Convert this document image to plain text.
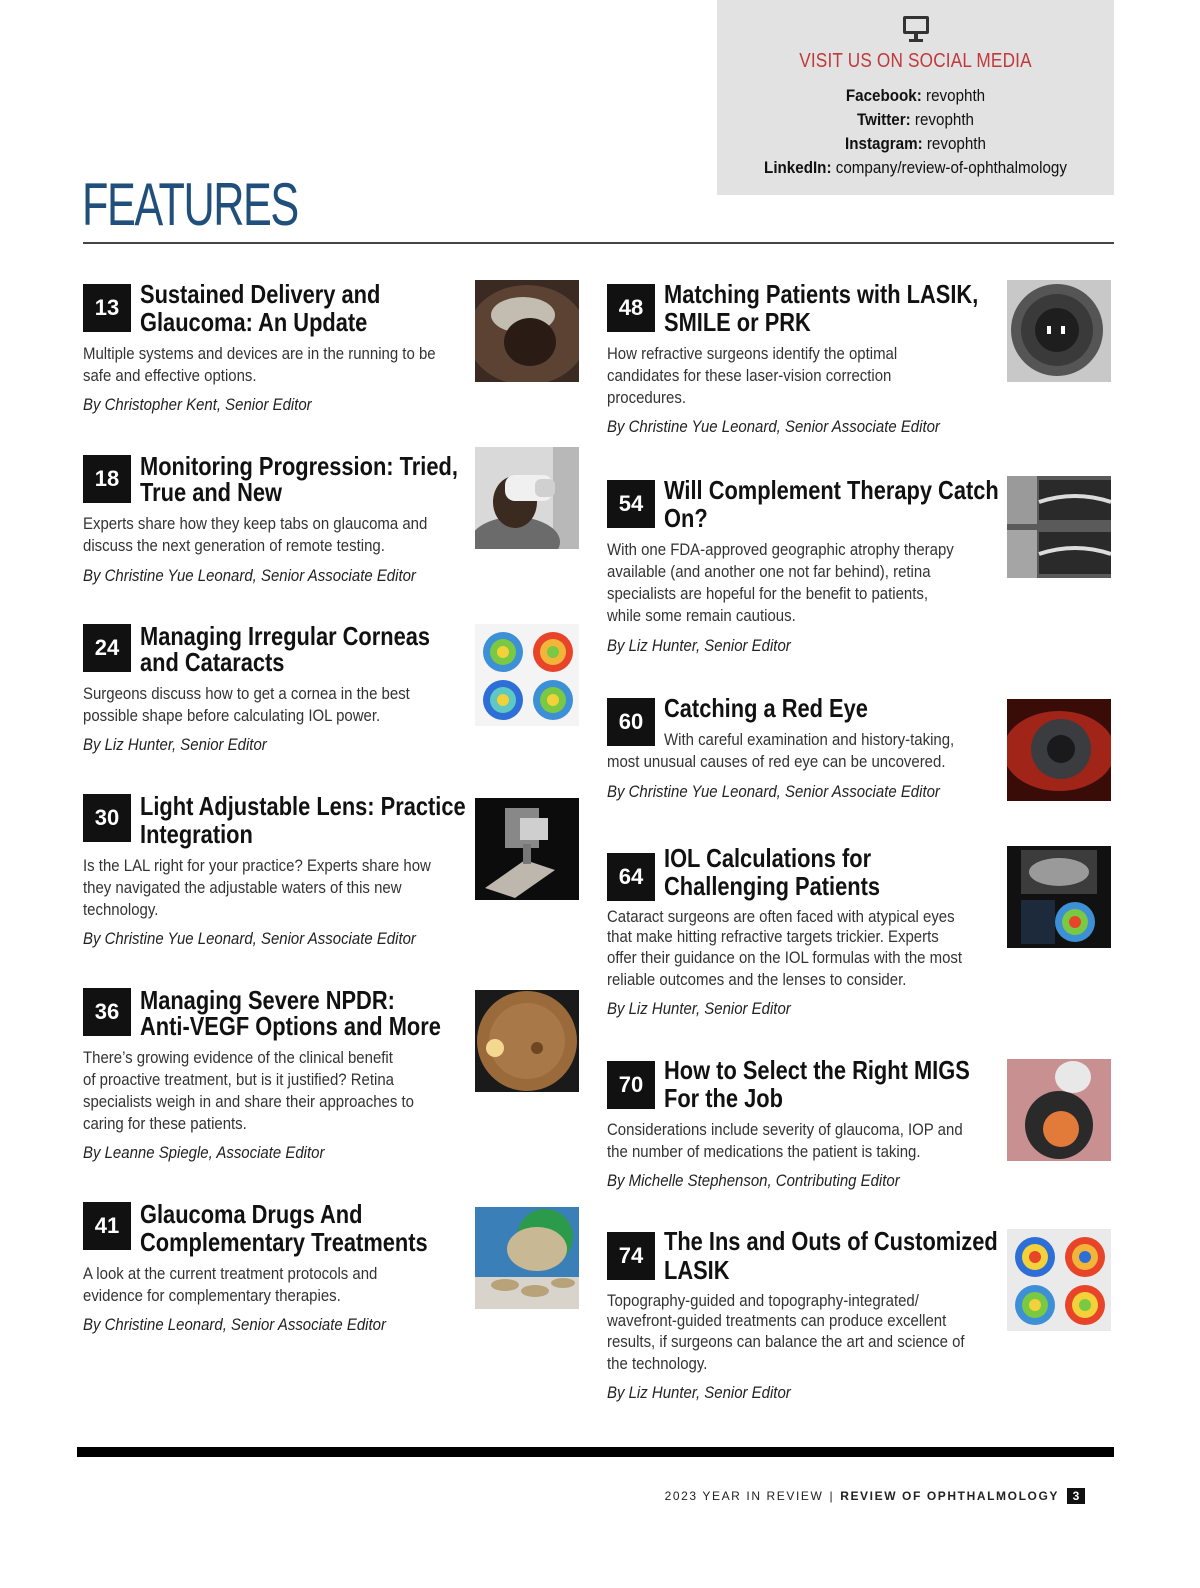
VISIT US ON SOCIAL MEDIA
Facebook: revophth
Twitter: revophth
Instagram: revophth
LinkedIn: company/review-of-ophthalmology
FEATURES
13 Sustained Delivery and
Glaucoma: An Update
Multiple systems and devices are in the running to be
safe and effective options.
By Christopher Kent, Senior Editor
18 Monitoring Progression: Tried,
True and New
Experts share how they keep tabs on glaucoma and
discuss the next generation of remote testing.
By Christine Yue Leonard, Senior Associate Editor
24 Managing Irregular Corneas
and Cataracts
Surgeons discuss how to get a cornea in the best
possible shape before calculating IOL power.
By Liz Hunter, Senior Editor
30 Light Adjustable Lens: Practice
Integration
Is the LAL right for your practice? Experts share how
they navigated the adjustable waters of this new
technology.
By Christine Yue Leonard, Senior Associate Editor
36 Managing Severe NPDR:
Anti-VEGF Options and More
There’s growing evidence of the clinical benefit
of proactive treatment, but is it justified? Retina
specialists weigh in and share their approaches to
caring for these patients.
By Leanne Spiegle, Associate Editor
41 Glaucoma Drugs And
Complementary Treatments
A look at the current treatment protocols and
evidence for complementary therapies.
By Christine Leonard, Senior Associate Editor
48 Matching Patients with LASIK,
SMILE or PRK
How refractive surgeons identify the optimal
candidates for these laser-vision correction
procedures.
By Christine Yue Leonard, Senior Associate Editor
54 Will Complement Therapy Catch
On?
With one FDA-approved geographic atrophy therapy
available (and another one not far behind), retina
specialists are hopeful for the benefit to patients,
while some remain cautious.
By Liz Hunter, Senior Editor
60 Catching a Red Eye
With careful examination and history-taking,
most unusual causes of red eye can be uncovered.
By Christine Yue Leonard, Senior Associate Editor
64
IOL Calculations for
Challenging Patients
Cataract surgeons are often faced with atypical eyes
that make hitting refractive targets trickier. Experts
offer their guidance on the IOL formulas with the most
reliable outcomes and the lenses to consider.
By Liz Hunter, Senior Editor
70 How to Select the Right MIGS
For the Job
Considerations include severity of glaucoma, IOP and
the number of medications the patient is taking.
By Michelle Stephenson, Contributing Editor
74 The Ins and Outs of Customized
LASIK
Topography-guided and topography-integrated/
wavefront-guided treatments can produce excellent
results, if surgeons can balance the art and science of
the technology.
By Liz Hunter, Senior Editor
2023 YEAR IN REVIEW | REVIEW OF OPHTHALMOLOGY	3
